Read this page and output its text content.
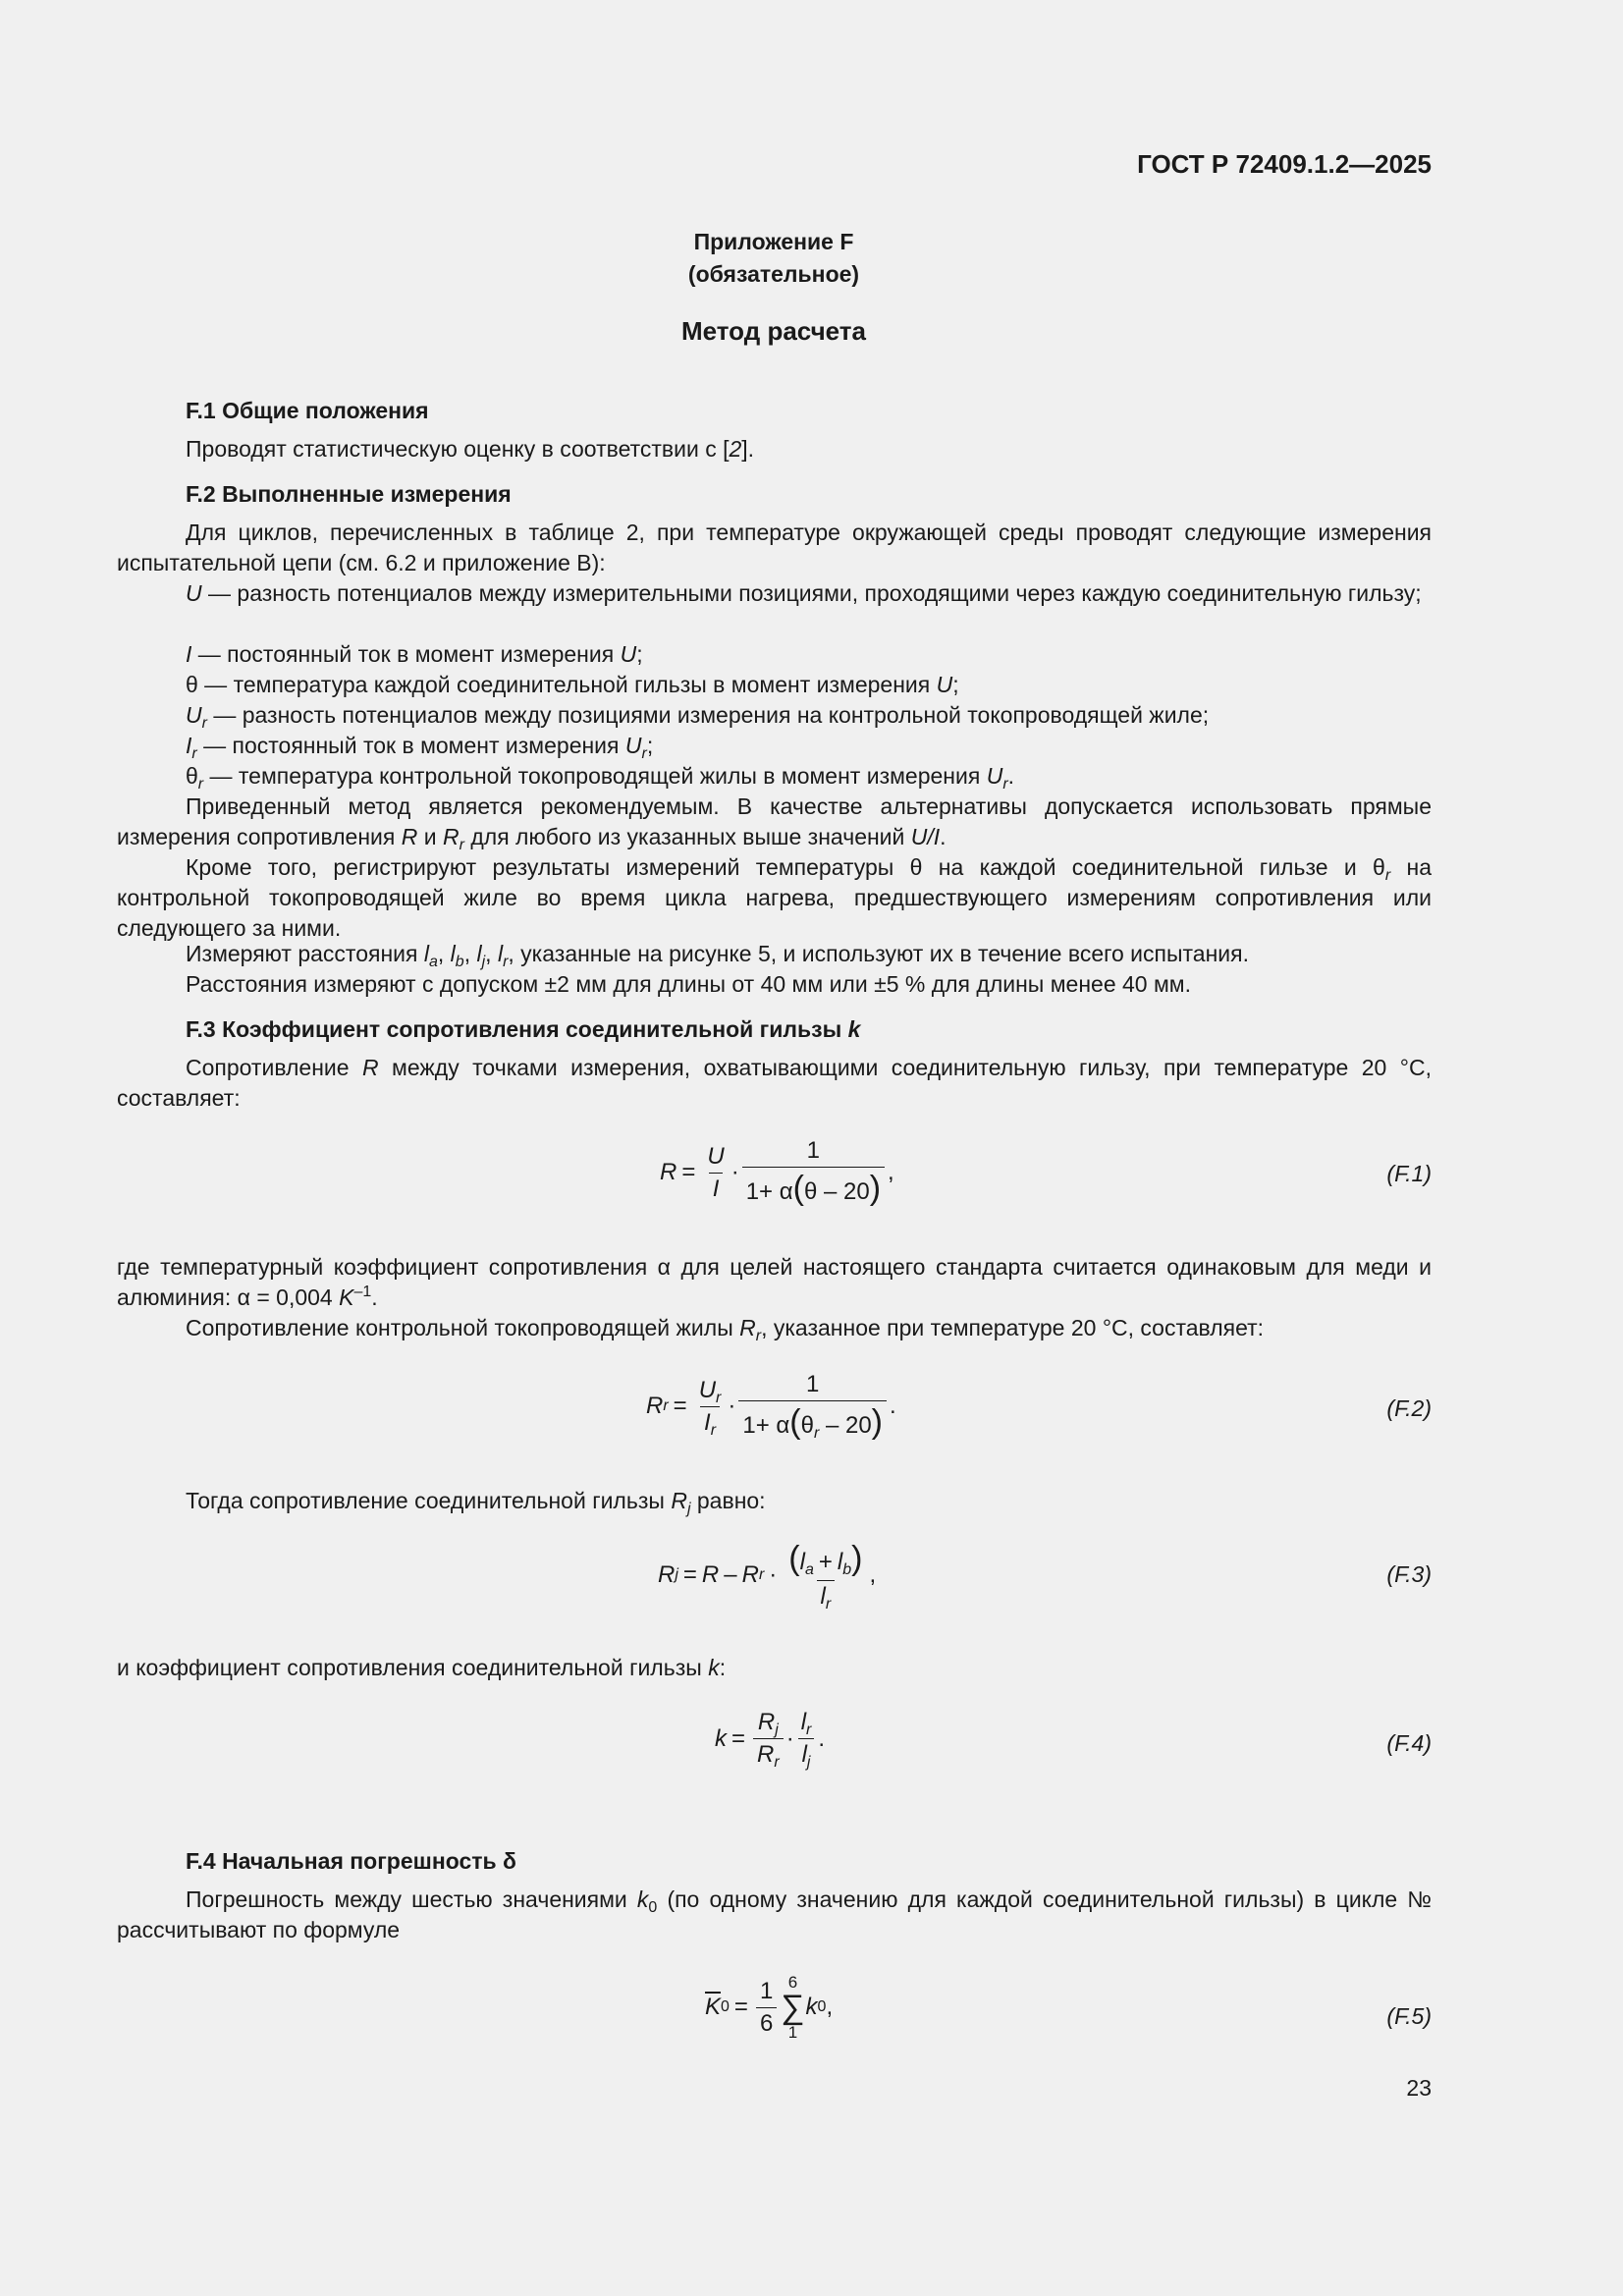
ГОСТ Р 72409.1.2—2025
Приложение F
(обязательное)
Метод расчета
F.1 Общие положения
Проводят статистическую оценку в соответствии с [2].
F.2 Выполненные измерения
Для циклов, перечисленных в таблице 2, при температуре окружающей среды проводят следующие измерения испытательной цепи (см. 6.2 и приложение B):
U — разность потенциалов между измерительными позициями, проходящими через каждую соединительную гильзу;
I — постоянный ток в момент измерения U;
θ — температура каждой соединительной гильзы в момент измерения U;
$U_r$ — разность потенциалов между позициями измерения на контрольной токопроводящей жиле;
$I_r$ — постоянный ток в момент измерения $U_r$;
$\theta_r$ — температура контрольной токопроводящей жилы в момент измерения $U_r$.
Приведенный метод является рекомендуемым. В качестве альтернативы допускается использовать прямые измерения сопротивления R и $R_r$ для любого из указанных выше значений U/I.
Кроме того, регистрируют результаты измерений температуры θ на каждой соединительной гильзе и $\theta_r$ на контрольной токопроводящей жиле во время цикла нагрева, предшествующего измерениям сопротивления или следующего за ними.
Измеряют расстояния $l_a$, $l_b$, $l_j$, $l_r$, указанные на рисунке 5, и используют их в течение всего испытания.
Расстояния измеряют с допуском ±2 мм для длины от 40 мм или ±5 % для длины менее 40 мм.
F.3 Коэффициент сопротивления соединительной гильзы k
Сопротивление R между точками измерения, охватывающими соединительную гильзу, при температуре 20 °С, составляет:
$R = \frac{U}{I} \cdot \frac{1}{1+ \alpha(\theta - 20)}$ ,	(F.1)
где температурный коэффициент сопротивления α для целей настоящего стандарта считается одинаковым для меди и алюминия: α = 0,004 $K^{-1}$.
Сопротивление контрольной токопроводящей жилы $R_r$, указанное при температуре 20 °С, составляет:
R $r = \frac{U_r}{I_r} \cdot \frac{1}{1+ \alpha(\theta_r - 20)}$ .	(F.2)
Тогда сопротивление соединительной гильзы $R_j$ равно:
R j = R – R $r \cdot \frac{(l_a + l_b)}{l_r}$ ,	(F.3)
и коэффициент сопротивления соединительной гильзы k:
$k = \frac{R_j}{R_r} \cdot \frac{l_r}{l_j}$ .	(F.4)
F.4 Начальная погрешность δ
Погрешность между шестью значениями $k_0$ (по одному значению для каждой соединительной гильзы) в цикле № рассчитывают по формуле
$\overline{K}$ $0 = \frac{1}{6} 6$
∑
1
k 0 ,	(F.5)
23
